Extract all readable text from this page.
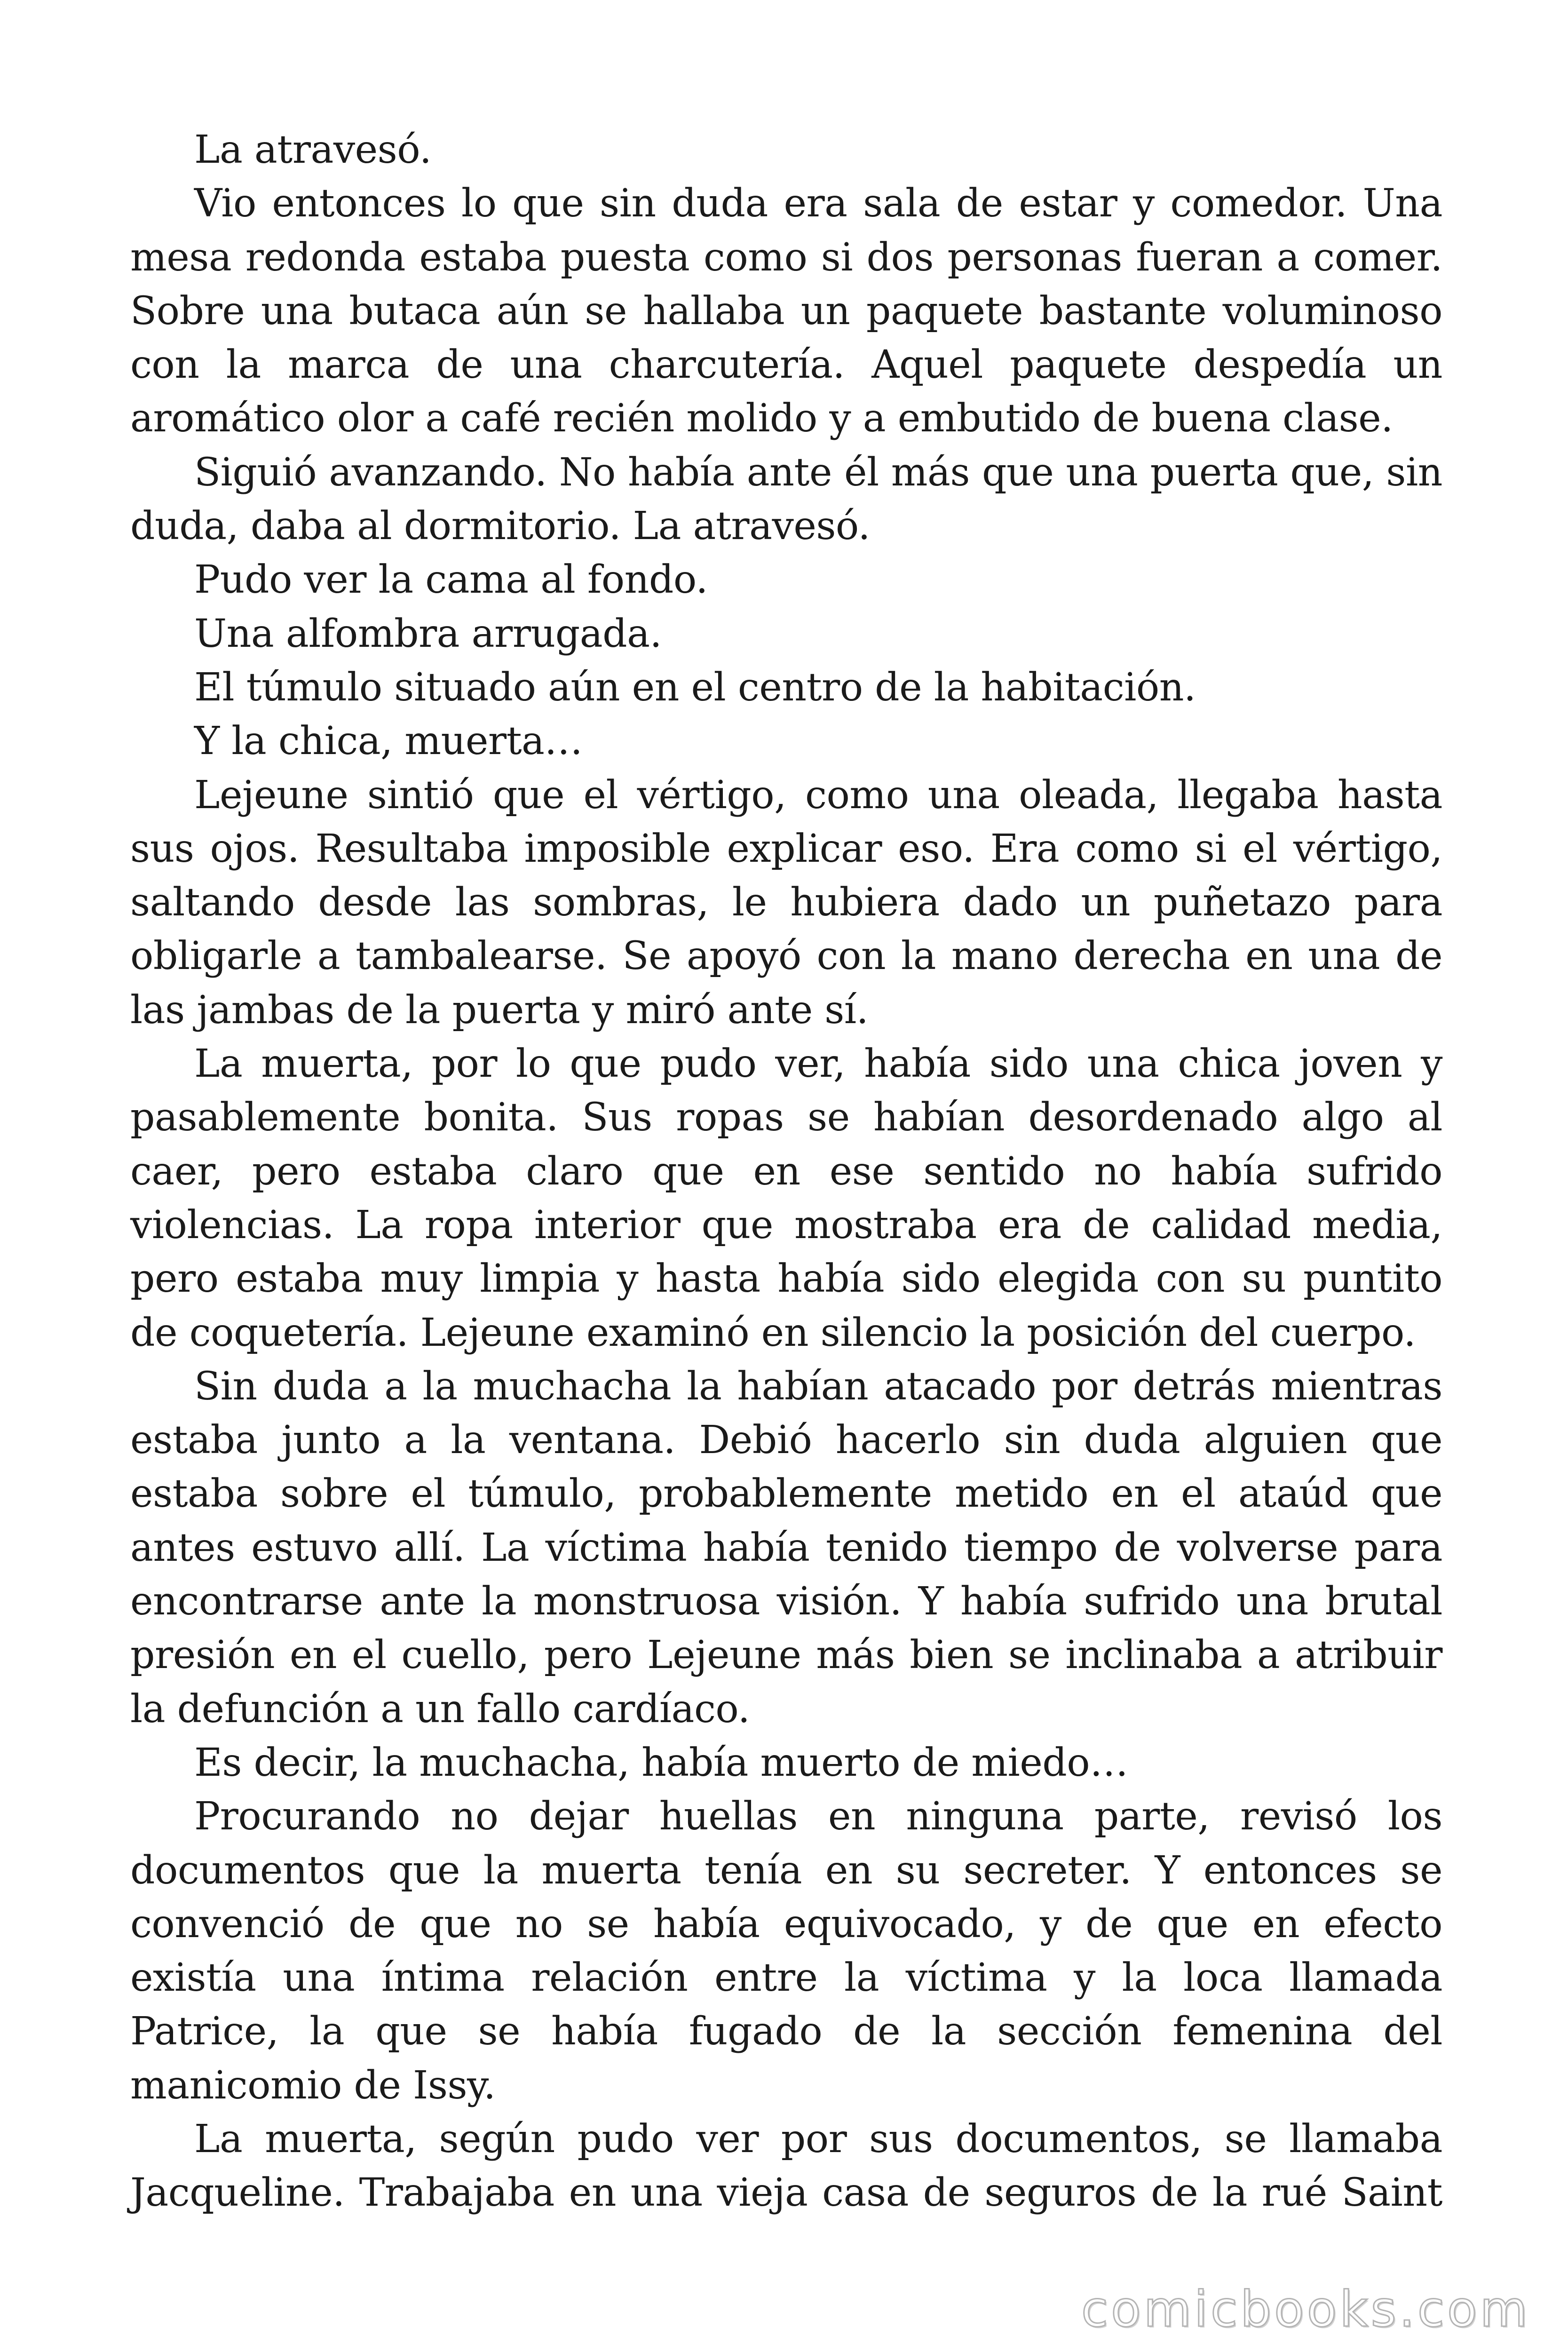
La atravesó.

Vio entonces lo que sin duda era sala de estar y comedor. Una mesa redonda estaba puesta como si dos personas fueran a comer. Sobre una butaca aún se hallaba un paquete bastante voluminoso con la marca de una charcutería. Aquel paquete despedía un aromático olor a café recién molido y a embutido de buena clase.

Siguió avanzando. No había ante él más que una puerta que, sin duda, daba al dormitorio. La atravesó.

Pudo ver la cama al fondo.

Una alfombra arrugada.

El túmulo situado aún en el centro de la habitación.

Y la chica, muerta…

Lejeune sintió que el vértigo, como una oleada, llegaba hasta sus ojos. Resultaba imposible explicar eso. Era como si el vértigo, saltando desde las sombras, le hubiera dado un puñetazo para obligarle a tambalearse. Se apoyó con la mano derecha en una de las jambas de la puerta y miró ante sí.

La muerta, por lo que pudo ver, había sido una chica joven y pasablemente bonita. Sus ropas se habían desordenado algo al caer, pero estaba claro que en ese sentido no había sufrido violencias. La ropa interior que mostraba era de calidad media, pero estaba muy limpia y hasta había sido elegida con su puntito de coquetería. Lejeune examinó en silencio la posición del cuerpo.

Sin duda a la muchacha la habían atacado por detrás mientras estaba junto a la ventana. Debió hacerlo sin duda alguien que estaba sobre el túmulo, probablemente metido en el ataúd que antes estuvo allí. La víctima había tenido tiempo de volverse para encontrarse ante la monstruosa visión. Y había sufrido una brutal presión en el cuello, pero Lejeune más bien se inclinaba a atribuir la defunción a un fallo cardíaco.

Es decir, la muchacha, había muerto de miedo…

Procurando no dejar huellas en ninguna parte, revisó los documentos que la muerta tenía en su secreter. Y entonces se convenció de que no se había equivocado, y de que en efecto existía una íntima relación entre la víctima y la loca llamada Patrice, la que se había fugado de la sección femenina del manicomio de Issy.

La muerta, según pudo ver por sus documentos, se llamaba Jacqueline. Trabajaba en una vieja casa de seguros de la rué Saint

comicbooks.com
